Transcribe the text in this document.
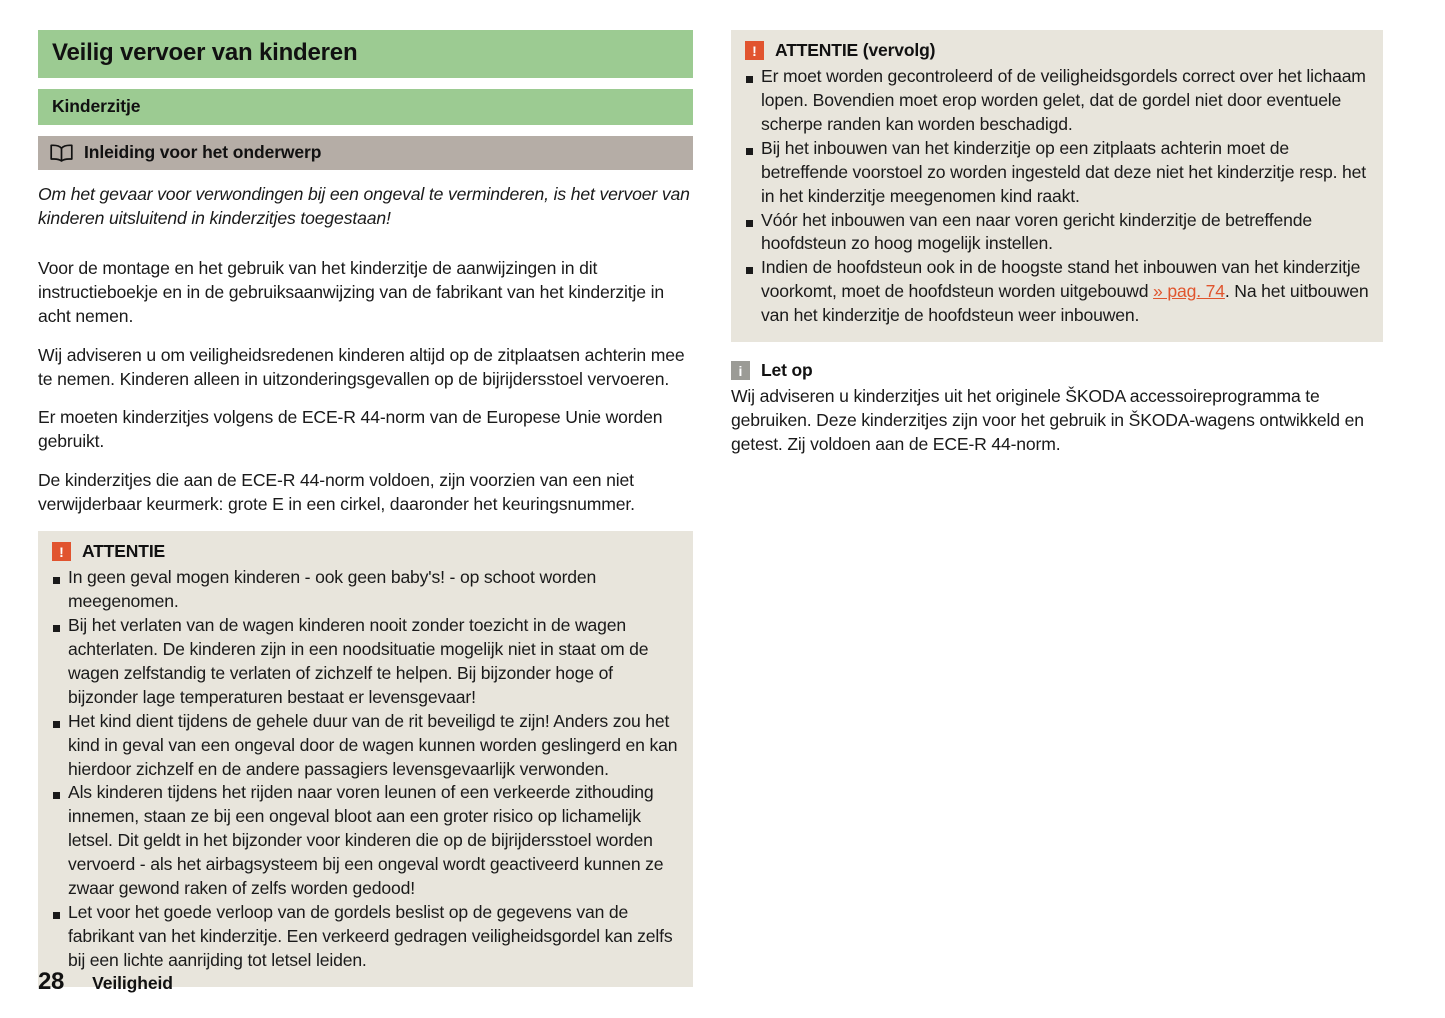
Veilig vervoer van kinderen
Kinderzitje
Inleiding voor het onderwerp

Om het gevaar voor verwondingen bij een ongeval te verminderen, is het vervoer van kinderen uitsluitend in kinderzitjes toegestaan!

Voor de montage en het gebruik van het kinderzitje de aanwijzingen in dit instructieboekje en in de gebruiksaanwijzing van de fabrikant van het kinderzitje in acht nemen.

Wij adviseren u om veiligheidsredenen kinderen altijd op de zitplaatsen achterin mee te nemen. Kinderen alleen in uitzonderingsgevallen op de bijrijdersstoel vervoeren.

Er moeten kinderzitjes volgens de ECE-R 44-norm van de Europese Unie worden gebruikt.

De kinderzitjes die aan de ECE-R 44-norm voldoen, zijn voorzien van een niet verwijderbaar keurmerk: grote E in een cirkel, daaronder het keuringsnummer.

!	ATTENTIE
In geen geval mogen kinderen - ook geen baby's! - op schoot worden meegenomen.
Bij het verlaten van de wagen kinderen nooit zonder toezicht in de wagen achterlaten. De kinderen zijn in een noodsituatie mogelijk niet in staat om de wagen zelfstandig te verlaten of zichzelf te helpen. Bij bijzonder hoge of bijzonder lage temperaturen bestaat er levensgevaar!
Het kind dient tijdens de gehele duur van de rit beveiligd te zijn! Anders zou het kind in geval van een ongeval door de wagen kunnen worden geslingerd en kan hierdoor zichzelf en de andere passagiers levensgevaarlijk verwonden.
Als kinderen tijdens het rijden naar voren leunen of een verkeerde zithouding innemen, staan ze bij een ongeval bloot aan een groter risico op lichamelijk letsel. Dit geldt in het bijzonder voor kinderen die op de bijrijdersstoel worden vervoerd - als het airbagsysteem bij een ongeval wordt geactiveerd kunnen ze zwaar gewond raken of zelfs worden gedood!
Let voor het goede verloop van de gordels beslist op de gegevens van de fabrikant van het kinderzitje. Een verkeerd gedragen veiligheidsgordel kan zelfs bij een lichte aanrijding tot letsel leiden.
!	ATTENTIE (vervolg)
Er moet worden gecontroleerd of de veiligheidsgordels correct over het lichaam lopen. Bovendien moet erop worden gelet, dat de gordel niet door eventuele scherpe randen kan worden beschadigd.
Bij het inbouwen van het kinderzitje op een zitplaats achterin moet de betreffende voorstoel zo worden ingesteld dat deze niet het kinderzitje resp. het in het kinderzitje meegenomen kind raakt.
Vóór het inbouwen van een naar voren gericht kinderzitje de betreffende hoofdsteun zo hoog mogelijk instellen.
Indien de hoofdsteun ook in de hoogste stand het inbouwen van het kinderzitje voorkomt, moet de hoofdsteun worden uitgebouwd » pag. 74. Na het uitbouwen van het kinderzitje de hoofdsteun weer inbouwen.
i	Let op

Wij adviseren u kinderzitjes uit het originele ŠKODA accessoireprogramma te gebruiken. Deze kinderzitjes zijn voor het gebruik in ŠKODA-wagens ontwikkeld en getest. Zij voldoen aan de ECE-R 44-norm.

28 Veiligheid
